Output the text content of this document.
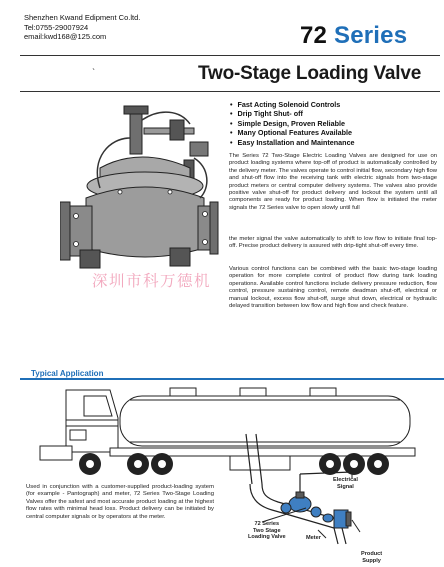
Shenzhen Kwand Edipment Co.ltd.
Tel:0755-29007924
email:kwd168@125.com	72 Series
ˋ	Two-Stage Loading Valve
• Fast Acting Solenoid Controls
• Drip Tight Shut- off
• Simple Design, Proven Reliable
• Many Optional Features Available
• Easy Installation and Maintenance
The Series 72 Two-Stage Electric Loading Valves are designed for use on product loading systems where top-off of product is automatically controlled by the delivery meter. The valves operate to control initial flow, secondary high flow and shut-off flow into the receiving tank with electric signals from two-stage product meters or central computer delivery systems. The valves also provide positive valve shut-off for product delivery and lockout the system until all components are ready for product loading. When flow is initiated the meter signals the 72 Series valve to open slowly until full
the meter signal the valve automatically to shift to low flow to initiate final top-off. Precise product delivery is assured with drip-tight shut-off every time.
Various control functions can be combined with the basic two-stage loading operation for more complete control of product flow during tank loading operations. Available control functions include delivery pressure reduction, flow control, pressure sustaining control, remote deadman shut-off, electrical or manual lockout, excess flow shut-off, surge shut down, electrical or hydraulic delayed transition between low flow and high flow and check feature.
深圳市科万德机
Typical Application
Electrical
Signal
72 Series
Two Stage
Loading Valve	Meter
Product
Supply
Used in conjunction with a customer-supplied product-loading system (for example - Pantograph) and meter, 72 Series Two-Stage Loading Valves offer the safest and most accurate product loading at the highest flow rates with minimal head loss. Product delivery can be initiated by central computer signals or by operators at the meter.
